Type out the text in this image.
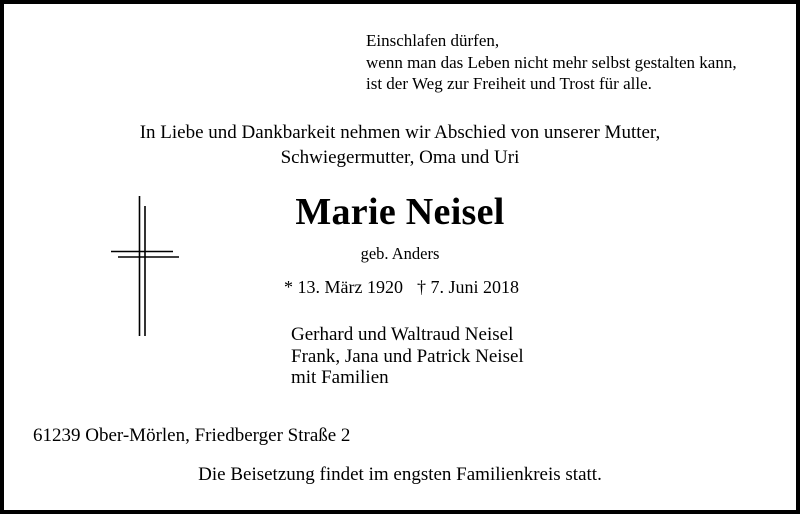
Einschlafen dürfen,
wenn man das Leben nicht mehr selbst gestalten kann,
ist der Weg zur Freiheit und Trost für alle.
In Liebe und Dankbarkeit nehmen wir Abschied von unserer Mutter,
Schwiegermutter, Oma und Uri
Marie Neisel
geb. Anders
* 13. März 1920 † 7. Juni 2018
Gerhard und Waltraud Neisel
Frank, Jana und Patrick Neisel
mit Familien
61239 Ober-Mörlen, Friedberger Straße 2
Die Beisetzung findet im engsten Familienkreis statt.
